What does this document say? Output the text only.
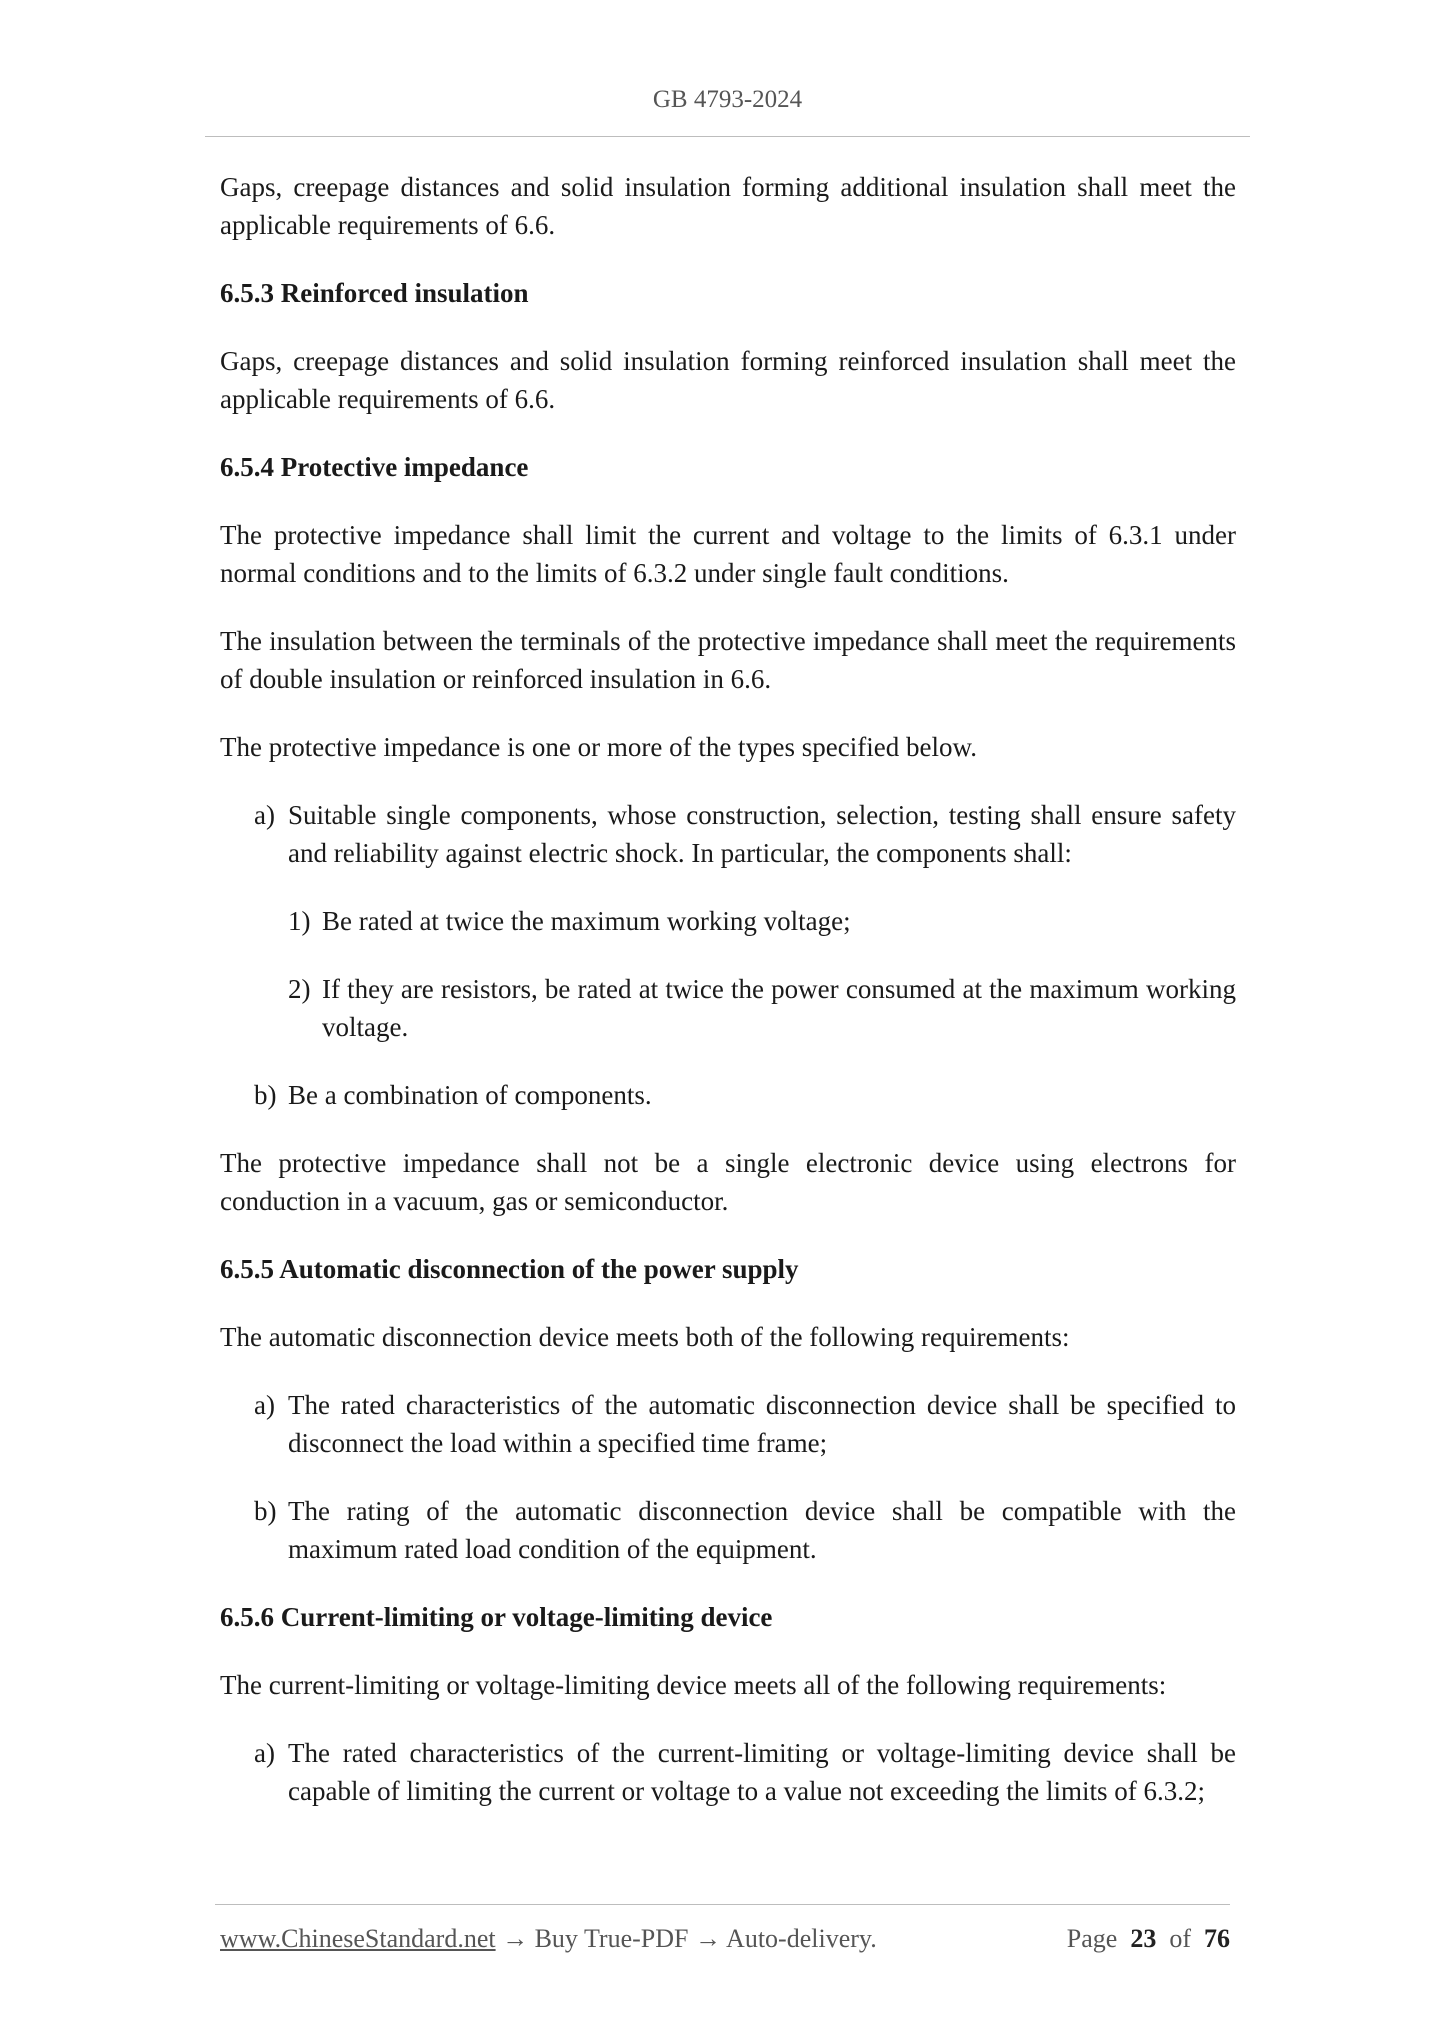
GB 4793-2024

Gaps, creepage distances and solid insulation forming additional insulation shall meet the applicable requirements of 6.6.

6.5.3 Reinforced insulation

Gaps, creepage distances and solid insulation forming reinforced insulation shall meet the applicable requirements of 6.6.

6.5.4 Protective impedance

The protective impedance shall limit the current and voltage to the limits of 6.3.1 under normal conditions and to the limits of 6.3.2 under single fault conditions.

The insulation between the terminals of the protective impedance shall meet the requirements of double insulation or reinforced insulation in 6.6.

The protective impedance is one or more of the types specified below.

a) Suitable single components, whose construction, selection, testing shall ensure safety and reliability against electric shock. In particular, the components shall:
1) Be rated at twice the maximum working voltage;
2) If they are resistors, be rated at twice the power consumed at the maximum working voltage.
b) Be a combination of components.

The protective impedance shall not be a single electronic device using electrons for conduction in a vacuum, gas or semiconductor.

6.5.5 Automatic disconnection of the power supply

The automatic disconnection device meets both of the following requirements:

a) The rated characteristics of the automatic disconnection device shall be specified to disconnect the load within a specified time frame;
b) The rating of the automatic disconnection device shall be compatible with the maximum rated load condition of the equipment.
6.5.6 Current-limiting or voltage-limiting device

The current-limiting or voltage-limiting device meets all of the following requirements:

a) The rated characteristics of the current-limiting or voltage-limiting device shall be capable of limiting the current or voltage to a value not exceeding the limits of 6.3.2;
www.ChineseStandard.net → Buy True-PDF → Auto-delivery.	Page 23 of 76
